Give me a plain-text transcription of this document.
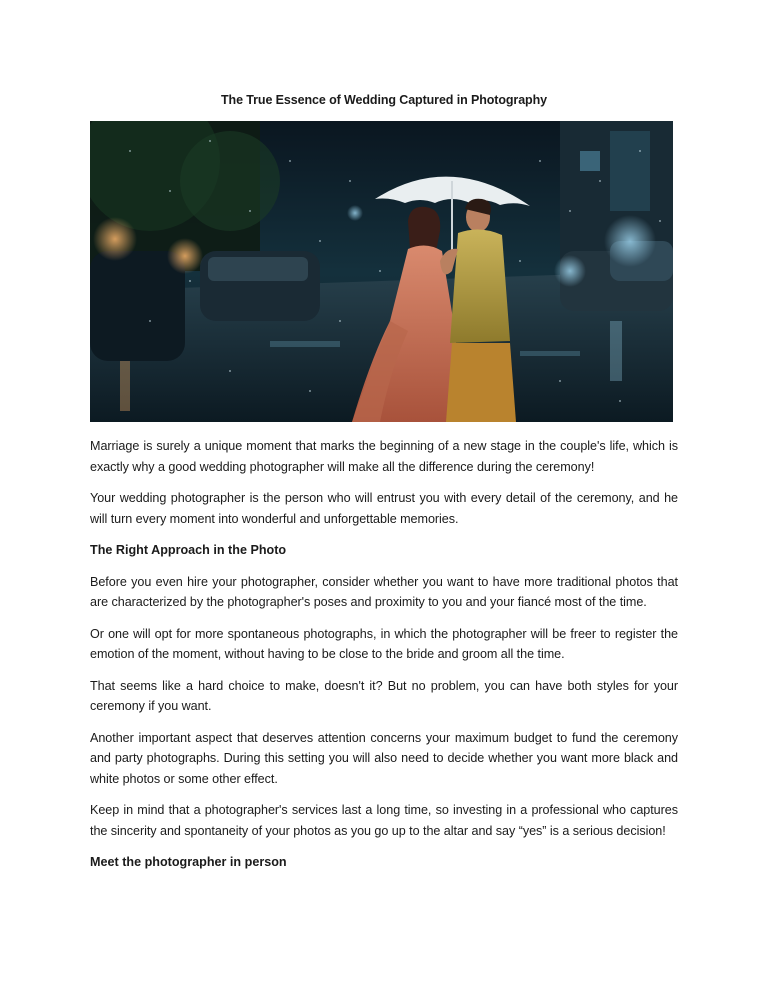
The True Essence of Wedding Captured in Photography

Marriage is surely a unique moment that marks the beginning of a new stage in the couple's life, which is exactly why a good wedding photographer will make all the difference during the ceremony!

Your wedding photographer is the person who will entrust you with every detail of the ceremony, and he will turn every moment into wonderful and unforgettable memories.

The Right Approach in the Photo

Before you even hire your photographer, consider whether you want to have more traditional photos that are characterized by the photographer's poses and proximity to you and your fiancé most of the time.

Or one will opt for more spontaneous photographs, in which the photographer will be freer to register the emotion of the moment, without having to be close to the bride and groom all the time.

That seems like a hard choice to make, doesn't it? But no problem, you can have both styles for your ceremony if you want.

Another important aspect that deserves attention concerns your maximum budget to fund the ceremony and party photographs. During this setting you will also need to decide whether you want more black and white photos or some other effect.

Keep in mind that a photographer's services last a long time, so investing in a professional who captures the sincerity and spontaneity of your photos as you go up to the altar and say “yes” is a serious decision!

Meet the photographer in person
